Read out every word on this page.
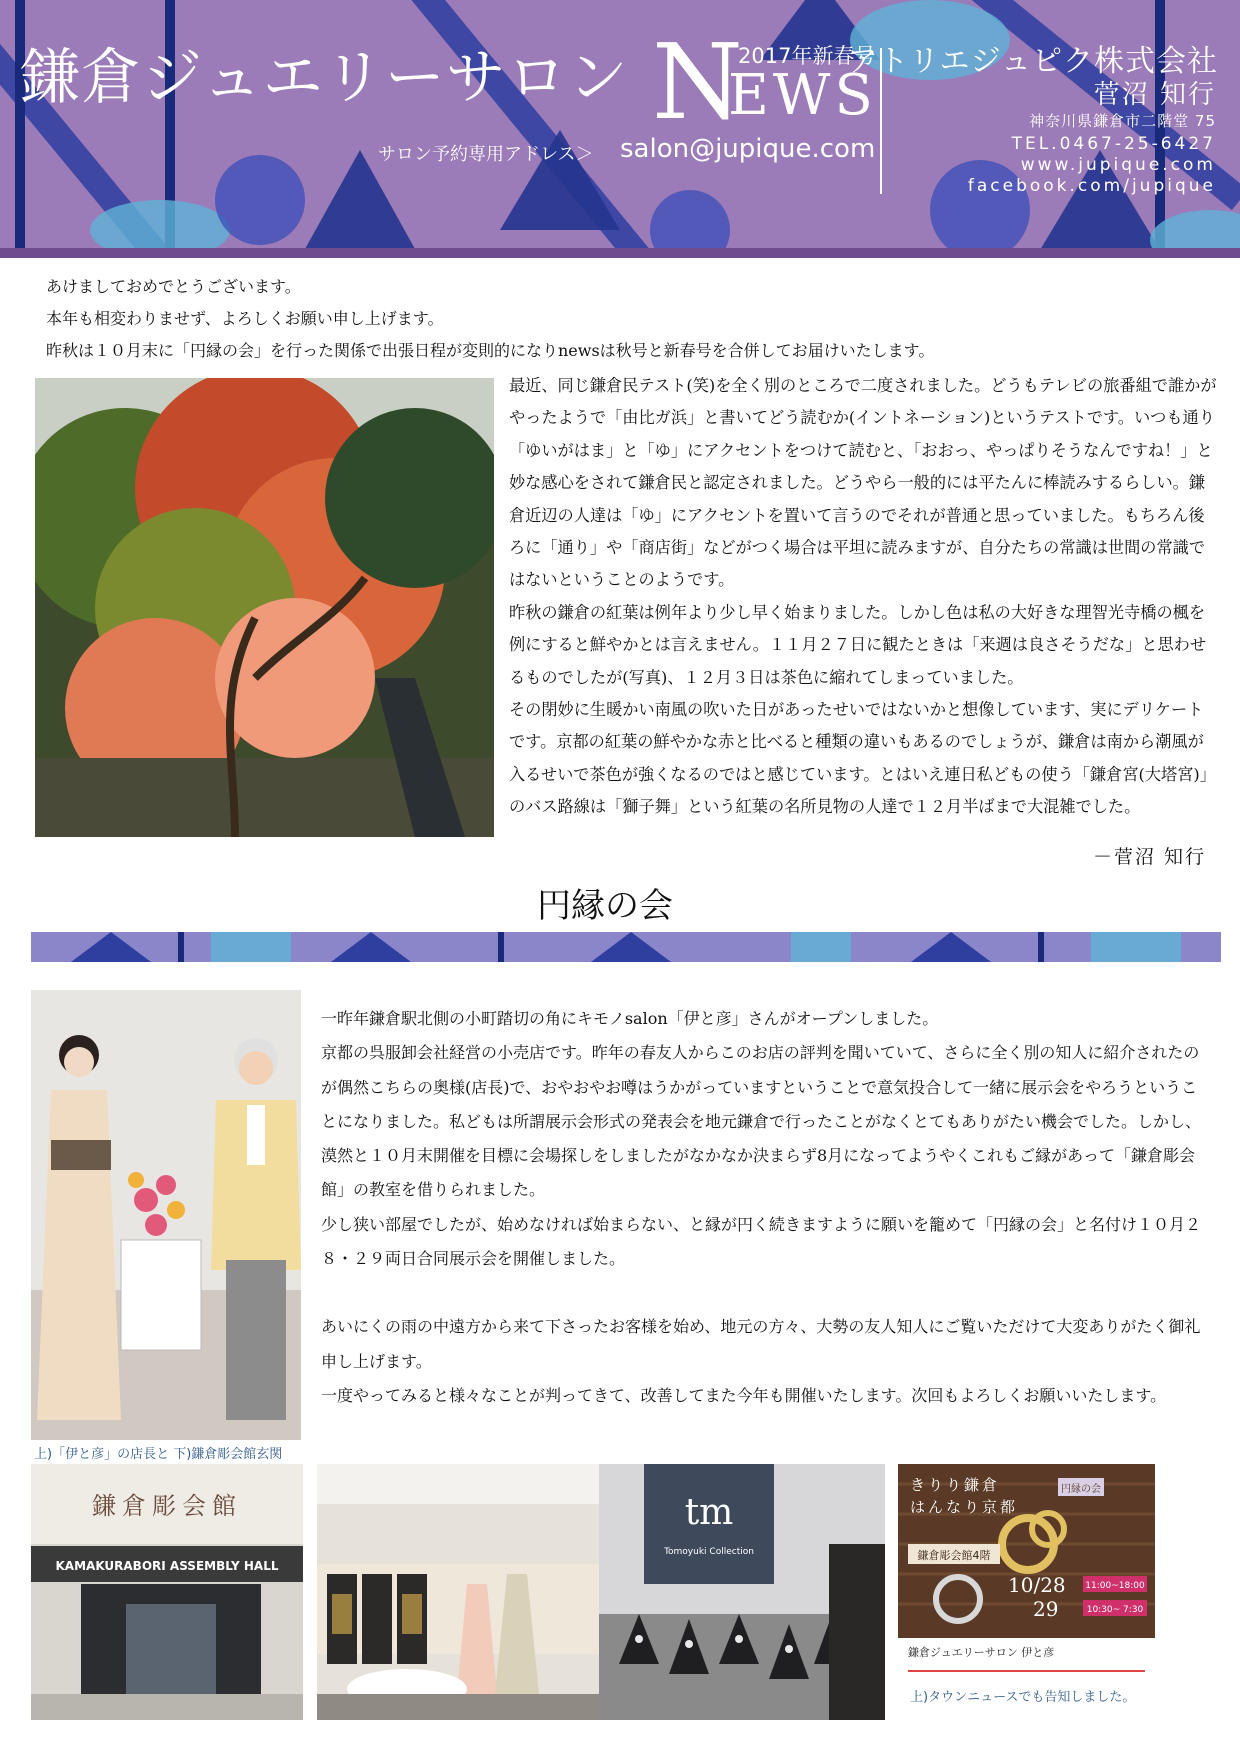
鎌倉ジュエリーサロン	2017年新春号
N
EWS
サロン予約専用アドレス＞ salon@jupique.com
アトリエジュピク株式会社
菅沼 知行
神奈川県鎌倉市二階堂 75
TEL.0467-25-6427
www.jupique.com
facebook.com/jupique
あけましておめでとうございます。
本年も相変わりませず、よろしくお願い申し上げます。
昨秋は１０月末に「円縁の会」を行った関係で出張日程が変則的になりnewsは秋号と新春号を合併してお届けいたします。

最近、同じ鎌倉民テスト(笑)を全く別のところで二度されました。どうもテレビの旅番組で誰かがやったようで「由比ガ浜」と書いてどう読むか(イントネーション)というテストです。いつも通り「ゆいがはま」と「ゆ」にアクセントをつけて読むと、「おおっ、やっぱりそうなんですね！」と妙な感心をされて鎌倉民と認定されました。どうやら一般的には平たんに棒読みするらしい。鎌倉近辺の人達は「ゆ」にアクセントを置いて言うのでそれが普通と思っていました。もちろん後ろに「通り」や「商店街」などがつく場合は平坦に読みますが、自分たちの常識は世間の常識ではないということのようです。

昨秋の鎌倉の紅葉は例年より少し早く始まりました。しかし色は私の大好きな理智光寺橋の楓を例にすると鮮やかとは言えません。１１月２７日に観たときは「来週は良さそうだな」と思わせるものでしたが(写真)、１２月３日は茶色に縮れてしまっていました。

その閉妙に生暖かい南風の吹いた日があったせいではないかと想像しています、実にデリケートです。京都の紅葉の鮮やかな赤と比べると種類の違いもあるのでしょうが、鎌倉は南から潮風が入るせいで茶色が強くなるのではと感じています。とはいえ連日私どもの使う「鎌倉宮(大塔宮)」のバス路線は「獅子舞」という紅葉の名所見物の人達で１２月半ばまで大混雑でした。

－菅沼 知行
円縁の会

一昨年鎌倉駅北側の小町踏切の角にキモノsalon「伊と彦」さんがオープンしました。

京都の呉服卸会社経営の小売店です。昨年の春友人からこのお店の評判を聞いていて、さらに全く別の知人に紹介されたのが偶然こちらの奥様(店長)で、おやおやお噂はうかがっていますということで意気投合して一緒に展示会をやろうということになりました。私どもは所謂展示会形式の発表会を地元鎌倉で行ったことがなくとてもありがたい機会でした。しかし、漠然と１０月末開催を目標に会場探しをしましたがなかなか決まらず8月になってようやくこれもご縁があって「鎌倉彫会館」の教室を借りられました。

少し狭い部屋でしたが、始めなければ始まらない、と縁が円く続きますように願いを籠めて「円縁の会」と名付け１０月２８・２９両日合同展示会を開催しました。

あいにくの雨の中遠方から来て下さったお客様を始め、地元の方々、大勢の友人知人にご覧いただけて大変ありがたく御礼申し上げます。

一度やってみると様々なことが判ってきて、改善してまた今年も開催いたします。次回もよろしくお願いいたします。

上)「伊と彦」の店長と 下)鎌倉彫会館玄関
鎌倉彫会館
KAMAKURABORI ASSEMBLY HALL
tm
Tomoyuki Collection
きりり鎌倉
はんなり京都
円縁の会
鎌倉彫会館4階
10/28
29
11:00~18:00
10:30~ 7:30
鎌倉ジュエリーサロン 伊と彦
上)タウンニュースでも告知しました。
